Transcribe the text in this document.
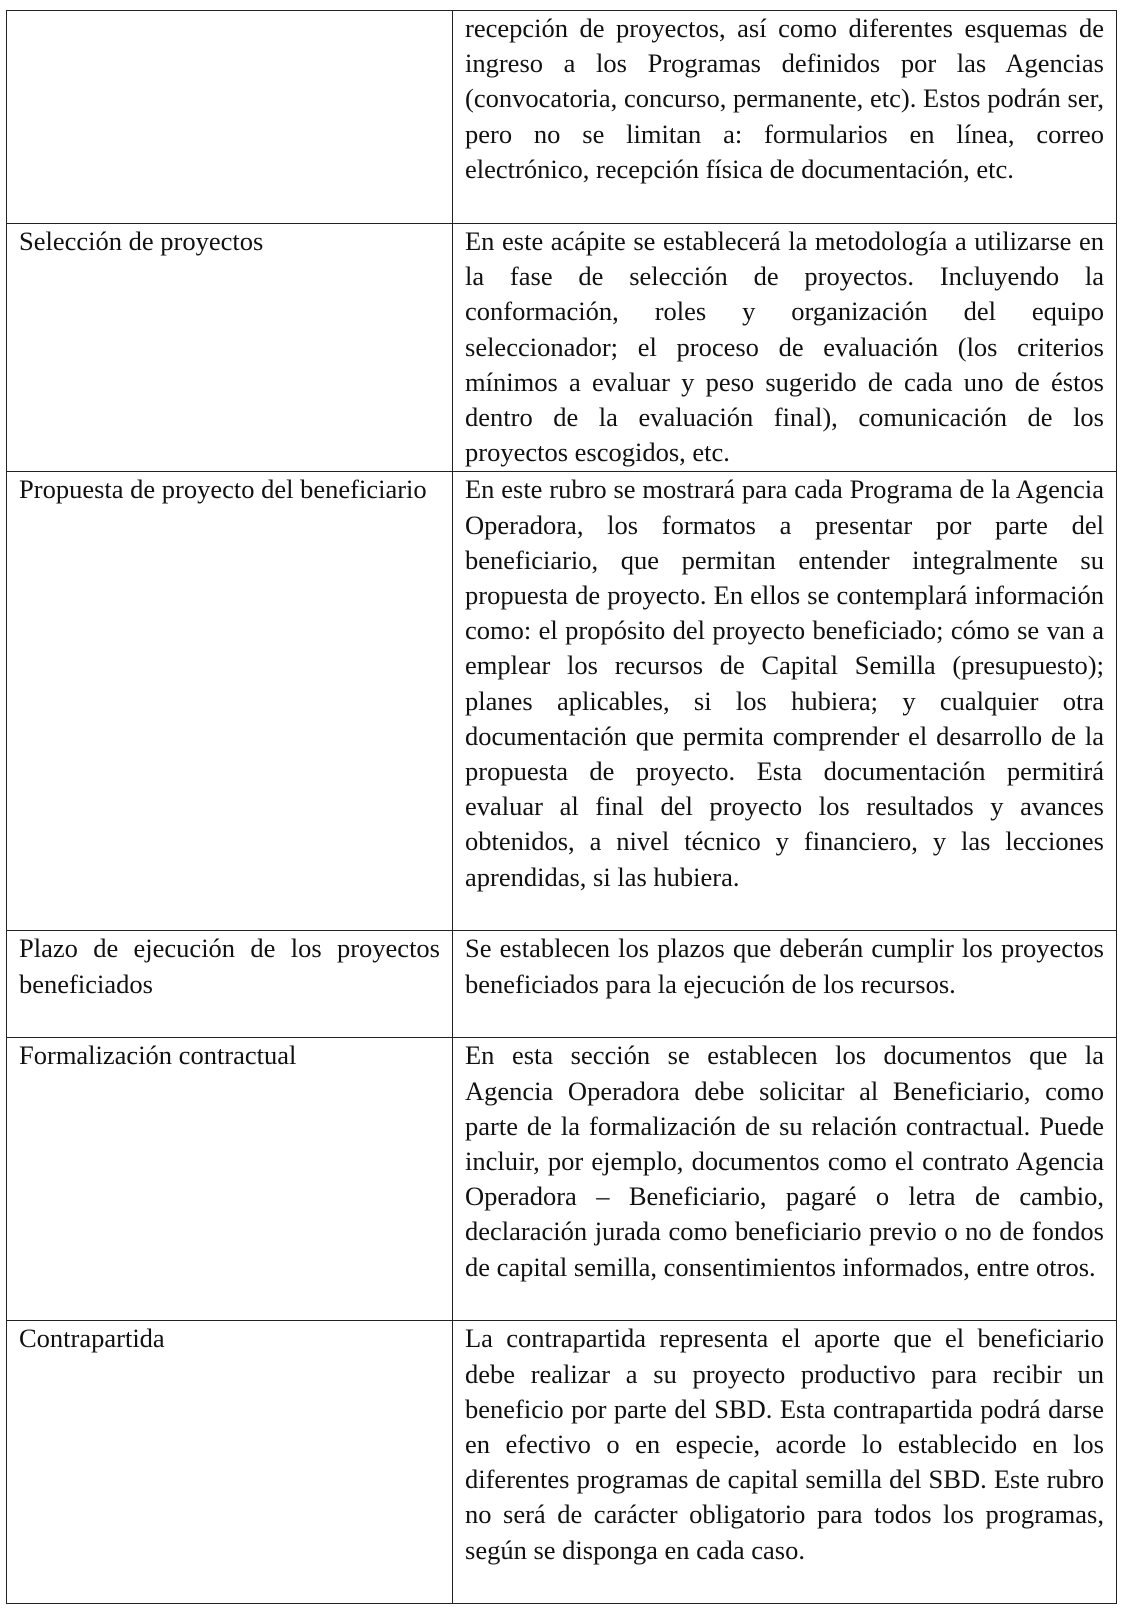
	recepción de proyectos, así como diferentes esquemas de ingreso a los Programas definidos por las Agencias (convocatoria, concurso, permanente, etc). Estos podrán ser, pero no se limitan a: formularios en línea, correo electrónico, recepción física de documentación, etc.

Selección de proyectos	En este acápite se establecerá la metodología a utilizarse en la fase de selección de proyectos. Incluyendo la conformación, roles y organización del equipo seleccionador; el proceso de evaluación (los criterios mínimos a evaluar y peso sugerido de cada uno de éstos dentro de la evaluación final), comunicación de los proyectos escogidos, etc.

Propuesta de proyecto del beneficiario	En este rubro se mostrará para cada Programa de la Agencia Operadora, los formatos a presentar por parte del beneficiario, que permitan entender integralmente su propuesta de proyecto. En ellos se contemplará información como: el propósito del proyecto beneficiado; cómo se van a emplear los recursos de Capital Semilla (presupuesto); planes aplicables, si los hubiera; y cualquier otra documentación que permita comprender el desarrollo de la propuesta de proyecto. Esta documentación permitirá evaluar al final del proyecto los resultados y avances obtenidos, a nivel técnico y financiero, y las lecciones aprendidas, si las hubiera.

Plazo de ejecución de los proyectos beneficiados	Se establecen los plazos que deberán cumplir los proyectos beneficiados para la ejecución de los recursos.

Formalización contractual	En esta sección se establecen los documentos que la Agencia Operadora debe solicitar al Beneficiario, como parte de la formalización de su relación contractual. Puede incluir, por ejemplo, documentos como el contrato Agencia Operadora – Beneficiario, pagaré o letra de cambio, declaración jurada como beneficiario previo o no de fondos de capital semilla, consentimientos informados, entre otros.

Contrapartida	La contrapartida representa el aporte que el beneficiario debe realizar a su proyecto productivo para recibir un beneficio por parte del SBD. Esta contrapartida podrá darse en efectivo o en especie, acorde lo establecido en los diferentes programas de capital semilla del SBD. Este rubro no será de carácter obligatorio para todos los programas, según se disponga en cada caso.
